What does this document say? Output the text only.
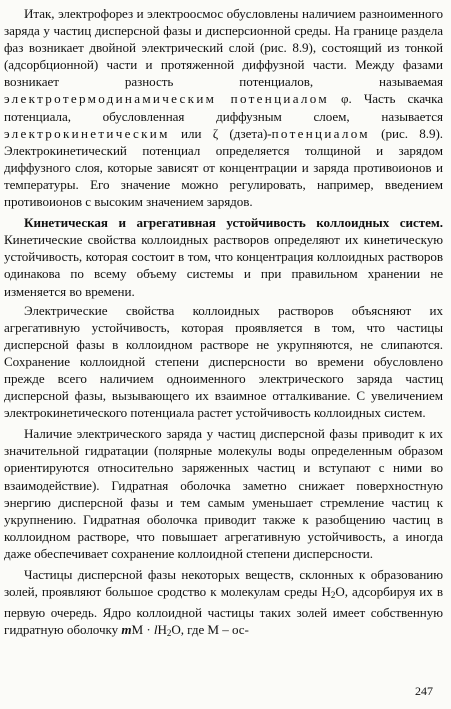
Итак, электрофорез и электроосмос обусловлены наличием разноименного заряда у частиц дисперсной фазы и дисперсионной среды. На границе раздела фаз возникает двойной электрический слой (рис. 8.9), состоящий из тонкой (адсорбционной) части и протяженной диффузной части. Между фазами возникает разность потенциалов, называемая электротермодинамическим потенциалом φ. Часть скачка потенциала, обусловленная диффузным слоем, называется электрокинетическим или ζ (дзета)-потенциалом (рис. 8.9). Электрокинетический потенциал определяется толщиной и зарядом диффузного слоя, которые зависят от концентрации и заряда противоионов и температуры. Его значение можно регулировать, например, введением противоионов с высоким значением зарядов.

Кинетическая и агрегативная устойчивость коллоидных систем. Кинетические свойства коллоидных растворов определяют их кинетическую устойчивость, которая состоит в том, что концентрация коллоидных растворов одинакова по всему объему системы и при правильном хранении не изменяется во времени.

Электрические свойства коллоидных растворов объясняют их агрегативную устойчивость, которая проявляется в том, что частицы дисперсной фазы в коллоидном растворе не укрупняются, не слипаются. Сохранение коллоидной степени дисперсности во времени обусловлено прежде всего наличием одноименного электрического заряда частиц дисперсной фазы, вызывающего их взаимное отталкивание. С увеличением электрокинетического потенциала растет устойчивость коллоидных систем.

Наличие электрического заряда у частиц дисперсной фазы приводит к их значительной гидратации (полярные молекулы воды определенным образом ориентируются относительно заряженных частиц и вступают с ними во взаимодействие). Гидратная оболочка заметно снижает поверхностную энергию дисперсной фазы и тем самым уменьшает стремление частиц к укрупнению. Гидратная оболочка приводит также к разобщению частиц в коллоидном растворе, что повышает агрегативную устойчивость, а иногда даже обеспечивает сохранение коллоидной степени дисперсности.

Частицы дисперсной фазы некоторых веществ, склонных к образованию золей, проявляют большое сродство к молекулам среды $H_2O$, адсорбируя их в первую очередь. Ядро коллоидной частицы таких золей имеет собственную гидратную оболочку mM · $lH_2O$, где M – ос-

247
